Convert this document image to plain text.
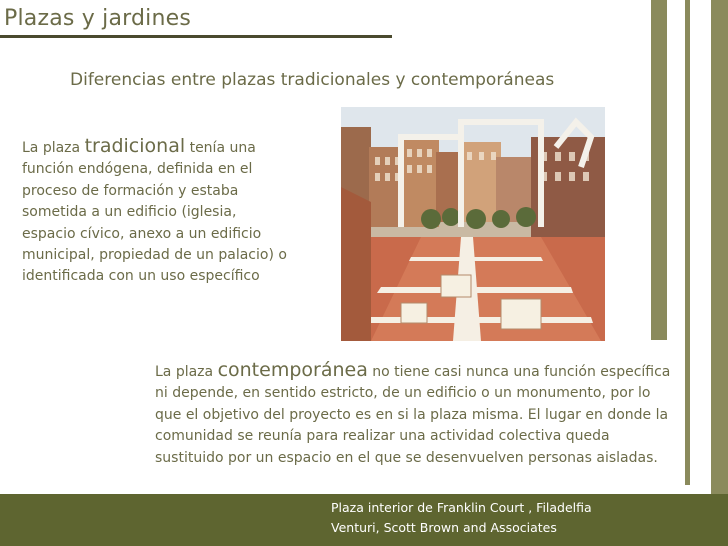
Plazas y jardines
Diferencias entre plazas tradicionales y contemporáneas
La plaza tradicional tenía una función endógena, definida en el proceso de formación y estaba sometida a un edificio (iglesia, espacio cívico, anexo a un edificio municipal, propiedad de un palacio) o identificada con un uso específico
La plaza contemporánea no tiene casi nunca una función específica ni depende, en sentido estricto, de un edificio o un monumento, por lo que el objetivo del proyecto es en si la plaza misma. El lugar en donde la comunidad se reunía para realizar una actividad colectiva queda sustituido por un espacio en el que se desenvuelven personas aisladas.
Plaza interior de Franklin Court , Filadelfia
Venturi, Scott Brown and Associates
